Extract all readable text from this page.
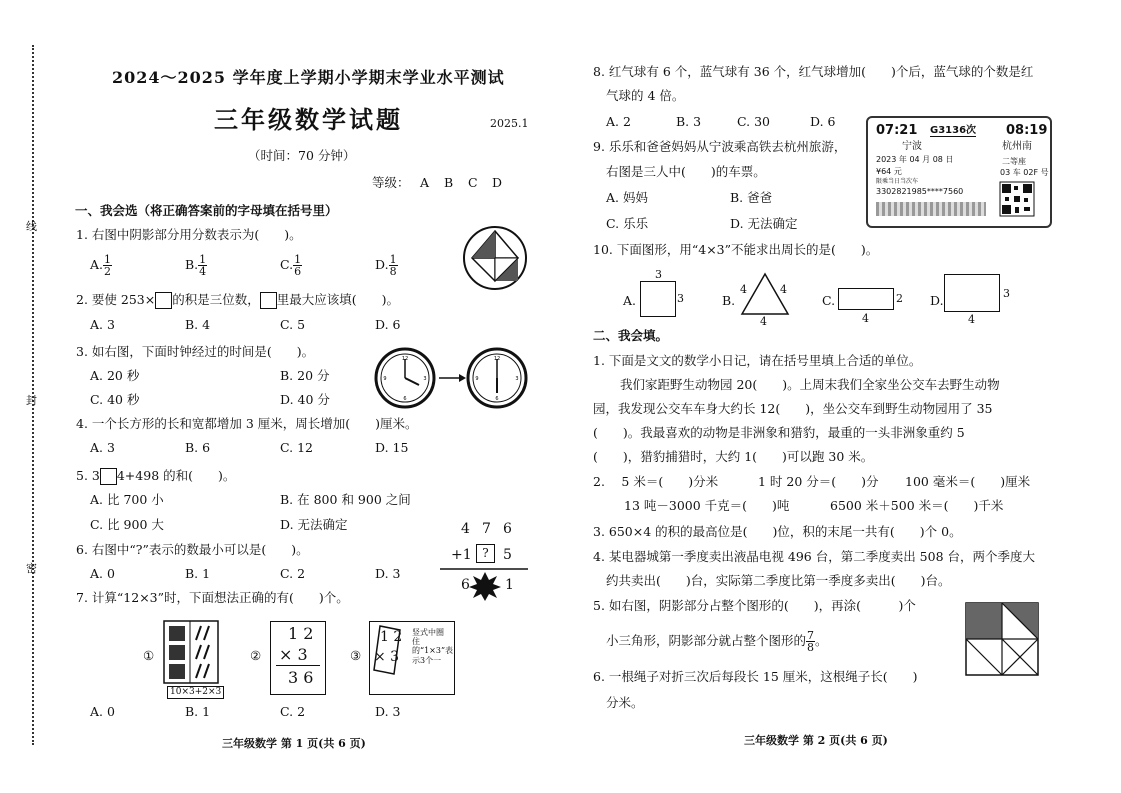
线
封
密
2024～2025 学年度上学期小学期末学业水平测试
三年级数学试题	2025.1
（时间：70 分钟）
等级： A B C D
一、我会选（将正确答案前的字母填在括号里）
1. 右图中阴影部分用分数表示为(　　)。
A. $\frac{1}{2}$	B. $\frac{1}{4}$	C. $\frac{1}{6}$	D. $\frac{1}{8}$
2. 要使 253× 的积是三位数， 里最大应该填(　　)。
A. 3	B. 4	C. 5	D. 6
3. 如右图，下面时钟经过的时间是(　　)。
A. 20 秒	B. 20 分
C. 40 秒	D. 40 分
12
3
6
9
12
3
6
9
4. 一个长方形的长和宽都增加 3 厘米，周长增加(　　)厘米。
A. 3	B. 6	C. 12	D. 15
5. 3 4+498 的和(　　)。
A. 比 700 小	B. 在 800 和 900 之间
C. 比 900 大	D. 无法确定
6. 右图中“?”表示的数最小可以是(　　)。
A. 0	B. 1	C. 2	D. 3
4 7 6
+1 ?	5
6	1
7. 计算“12×3”时，下面想法正确的有(　　)个。
①
10×3+2×3
②
1 2
× 3
3 6
③
1 2
× 3
竖式中圈住的“1×3”表示3个一
A. 0	B. 1	C. 2	D. 3
三年级数学 第 1 页(共 6 页)
8. 红气球有 6 个，蓝气球有 36 个，红气球增加(　　)个后，蓝气球的个数是红
气球的 4 倍。
A. 2	B. 3	C. 30	D. 6
9. 乐乐和爸爸妈妈从宁波乘高铁去杭州旅游，
右图是三人中(　　)的车票。
A. 妈妈	B. 爸爸
C. 乐乐	D. 无法确定
07:21 G3136次 08:19
宁波	杭州南
2023 年 04 月 08 日	二等座
¥64 元	03 车 02F 号
限乘当日当次车
3302821985****7560
10. 下面图形，用“4×3”不能求出周长的是(　　)。
A.
3
3	B.
4	4
4
C.	2
4
D.	3
4
二、我会填。
1. 下面是文文的数学小日记，请在括号里填上合适的单位。
我们家距野生动物园 20(　　)。上周末我们全家坐公交车去野生动物
园，我发现公交车车身大约长 12(　　)，坐公交车到野生动物园用了 35
(　　)。我最喜欢的动物是非洲象和猎豹，最重的一头非洲象重约 5
(　　)，猎豹捕猎时，大约 1(　　)可以跑 30 米。
2.　 5 米＝(　　)分米	1 时 20 分＝(　　)分 100 毫米＝(　　)厘米
13 吨－3000 千克＝(　　)吨	6500 米＋500 米＝(　　)千米
3. 650×4 的积的最高位是(　　)位，积的末尾一共有(　　)个 0。
4. 某电器城第一季度卖出液晶电视 496 台，第二季度卖出 508 台，两个季度大
约共卖出(　　)台，实际第二季度比第一季度多卖出(　　)台。
5. 如右图，阴影部分占整个图形的(　　)，再涂(　　　)个
小三角形，阴影部分就占整个图形的 $\frac{7}{8}$ 。
6. 一根绳子对折三次后每段长 15 厘米，这根绳子长(　　)
分米。
三年级数学 第 2 页(共 6 页)
